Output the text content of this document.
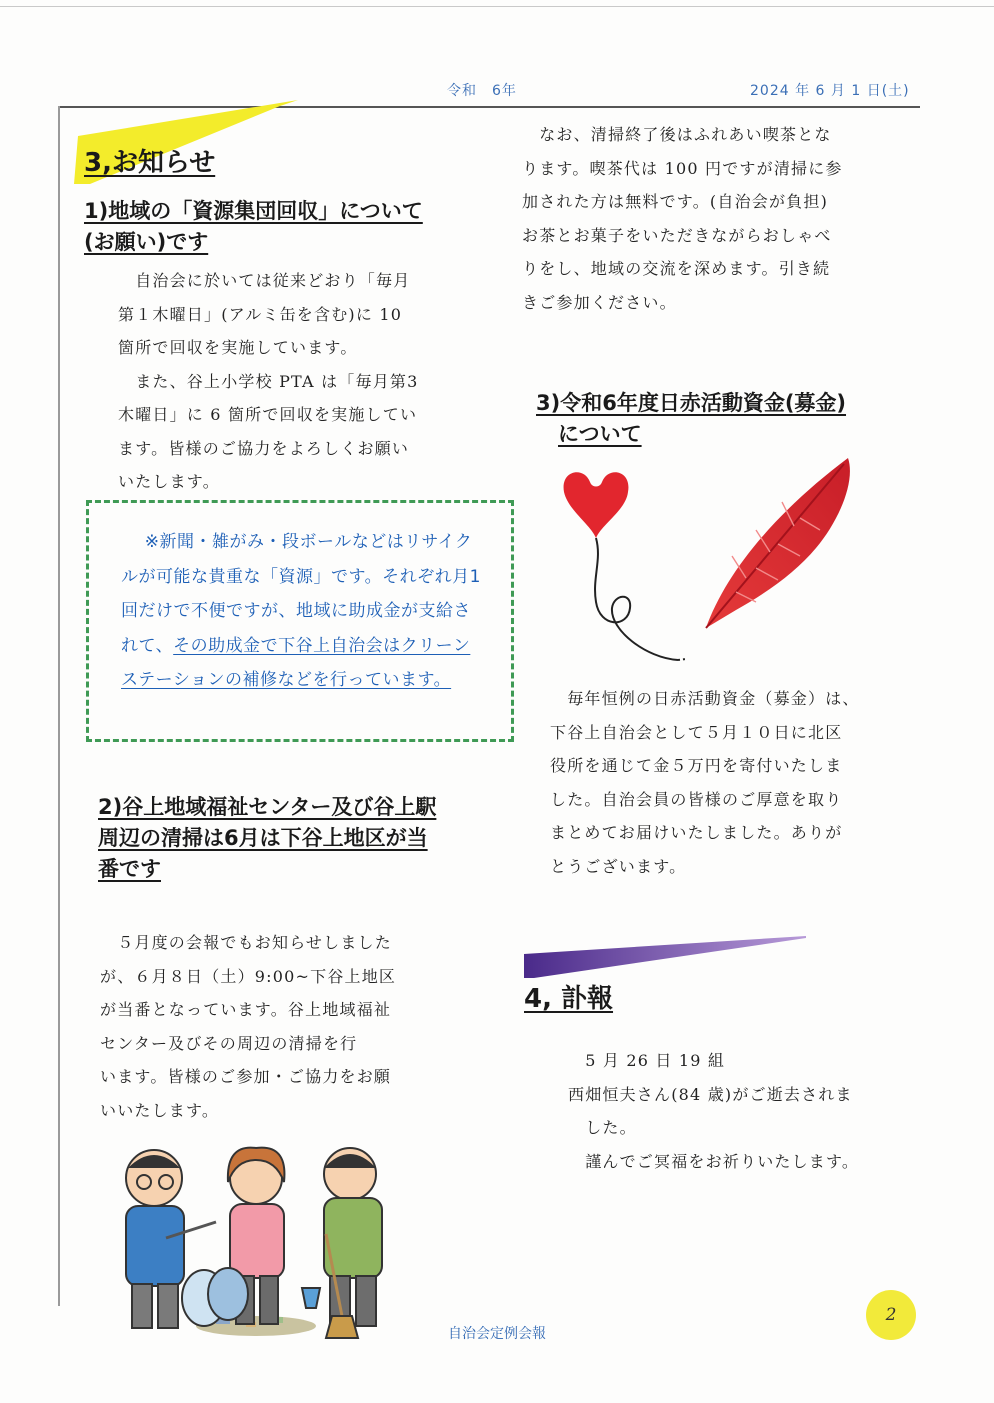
令和　6年	2024 年 6 月 1 日(土)
3,お知らせ
1)地域の「資源集団回収」について
(お願い)です

　自治会に於いては従来どおり「毎月

第１木曜日」(アルミ缶を含む)に 10

箇所で回収を実施しています。

　また、谷上小学校 PTA は「毎月第3

木曜日」に 6 箇所で回収を実施してい

ます。皆様のご協力をよろしくお願い

いたします。

※新聞・雑がみ・段ボールなどはリサイクルが可能な貴重な「資源」です。それぞれ月1回だけで不便ですが、地域に助成金が支給されて、その助成金で下谷上自治会はクリーンステーションの補修などを行っています。
2)谷上地域福祉センター及び谷上駅
周辺の清掃は6月は下谷上地区が当
番です

　５月度の会報でもお知らせしました

が、６月８日（土）9:00~下谷上地区

が当番となっています。谷上地域福祉

センター及びその周辺の清掃を行

います。皆様のご参加・ご協力をお願

いいたします。

　なお、清掃終了後はふれあい喫茶とな

ります。喫茶代は 100 円ですが清掃に参

加された方は無料です。(自治会が負担)

お茶とお菓子をいただきながらおしゃべ

りをし、地域の交流を深めます。引き続

きご参加ください。

3)令和6年度日赤活動資金(募金)
について

　毎年恒例の日赤活動資金（募金）は、

下谷上自治会として５月１０日に北区

役所を通じて金５万円を寄付いたしま

した。自治会員の皆様のご厚意を取り

まとめてお届けいたしました。ありが

とうございます。

4, 訃報

　5 月 26 日 19 組

西畑恒夫さん(84 歳)がご逝去されま

　した。

　謹んでご冥福をお祈りいたします。

2
自治会定例会報
